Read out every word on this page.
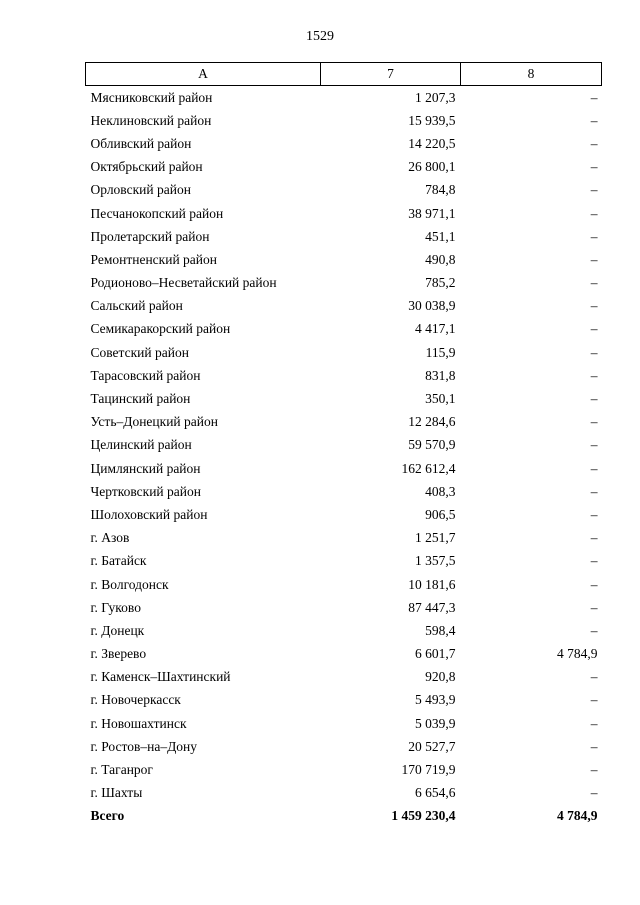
1529
А	7	8
Мясниковский район	1 207,3	–
Неклиновский район	15 939,5	–
Обливский район	14 220,5	–
Октябрьский район	26 800,1	–
Орловский район	784,8	–
Песчанокопский район	38 971,1	–
Пролетарский район	451,1	–
Ремонтненский район	490,8	–
Родионово–Несветайский район	785,2	–
Сальский район	30 038,9	–
Семикаракорский район	4 417,1	–
Советский район	115,9	–
Тарасовский район	831,8	–
Тацинский район	350,1	–
Усть–Донецкий район	12 284,6	–
Целинский район	59 570,9	–
Цимлянский район	162 612,4	–
Чертковский район	408,3	–
Шолоховский район	906,5	–
г. Азов	1 251,7	–
г. Батайск	1 357,5	–
г. Волгодонск	10 181,6	–
г. Гуково	87 447,3	–
г. Донецк	598,4	–
г. Зверево	6 601,7	4 784,9
г. Каменск–Шахтинский	920,8	–
г. Новочеркасск	5 493,9	–
г. Новошахтинск	5 039,9	–
г. Ростов–на–Дону	20 527,7	–
г. Таганрог	170 719,9	–
г. Шахты	6 654,6	–
Всего	1 459 230,4	4 784,9
